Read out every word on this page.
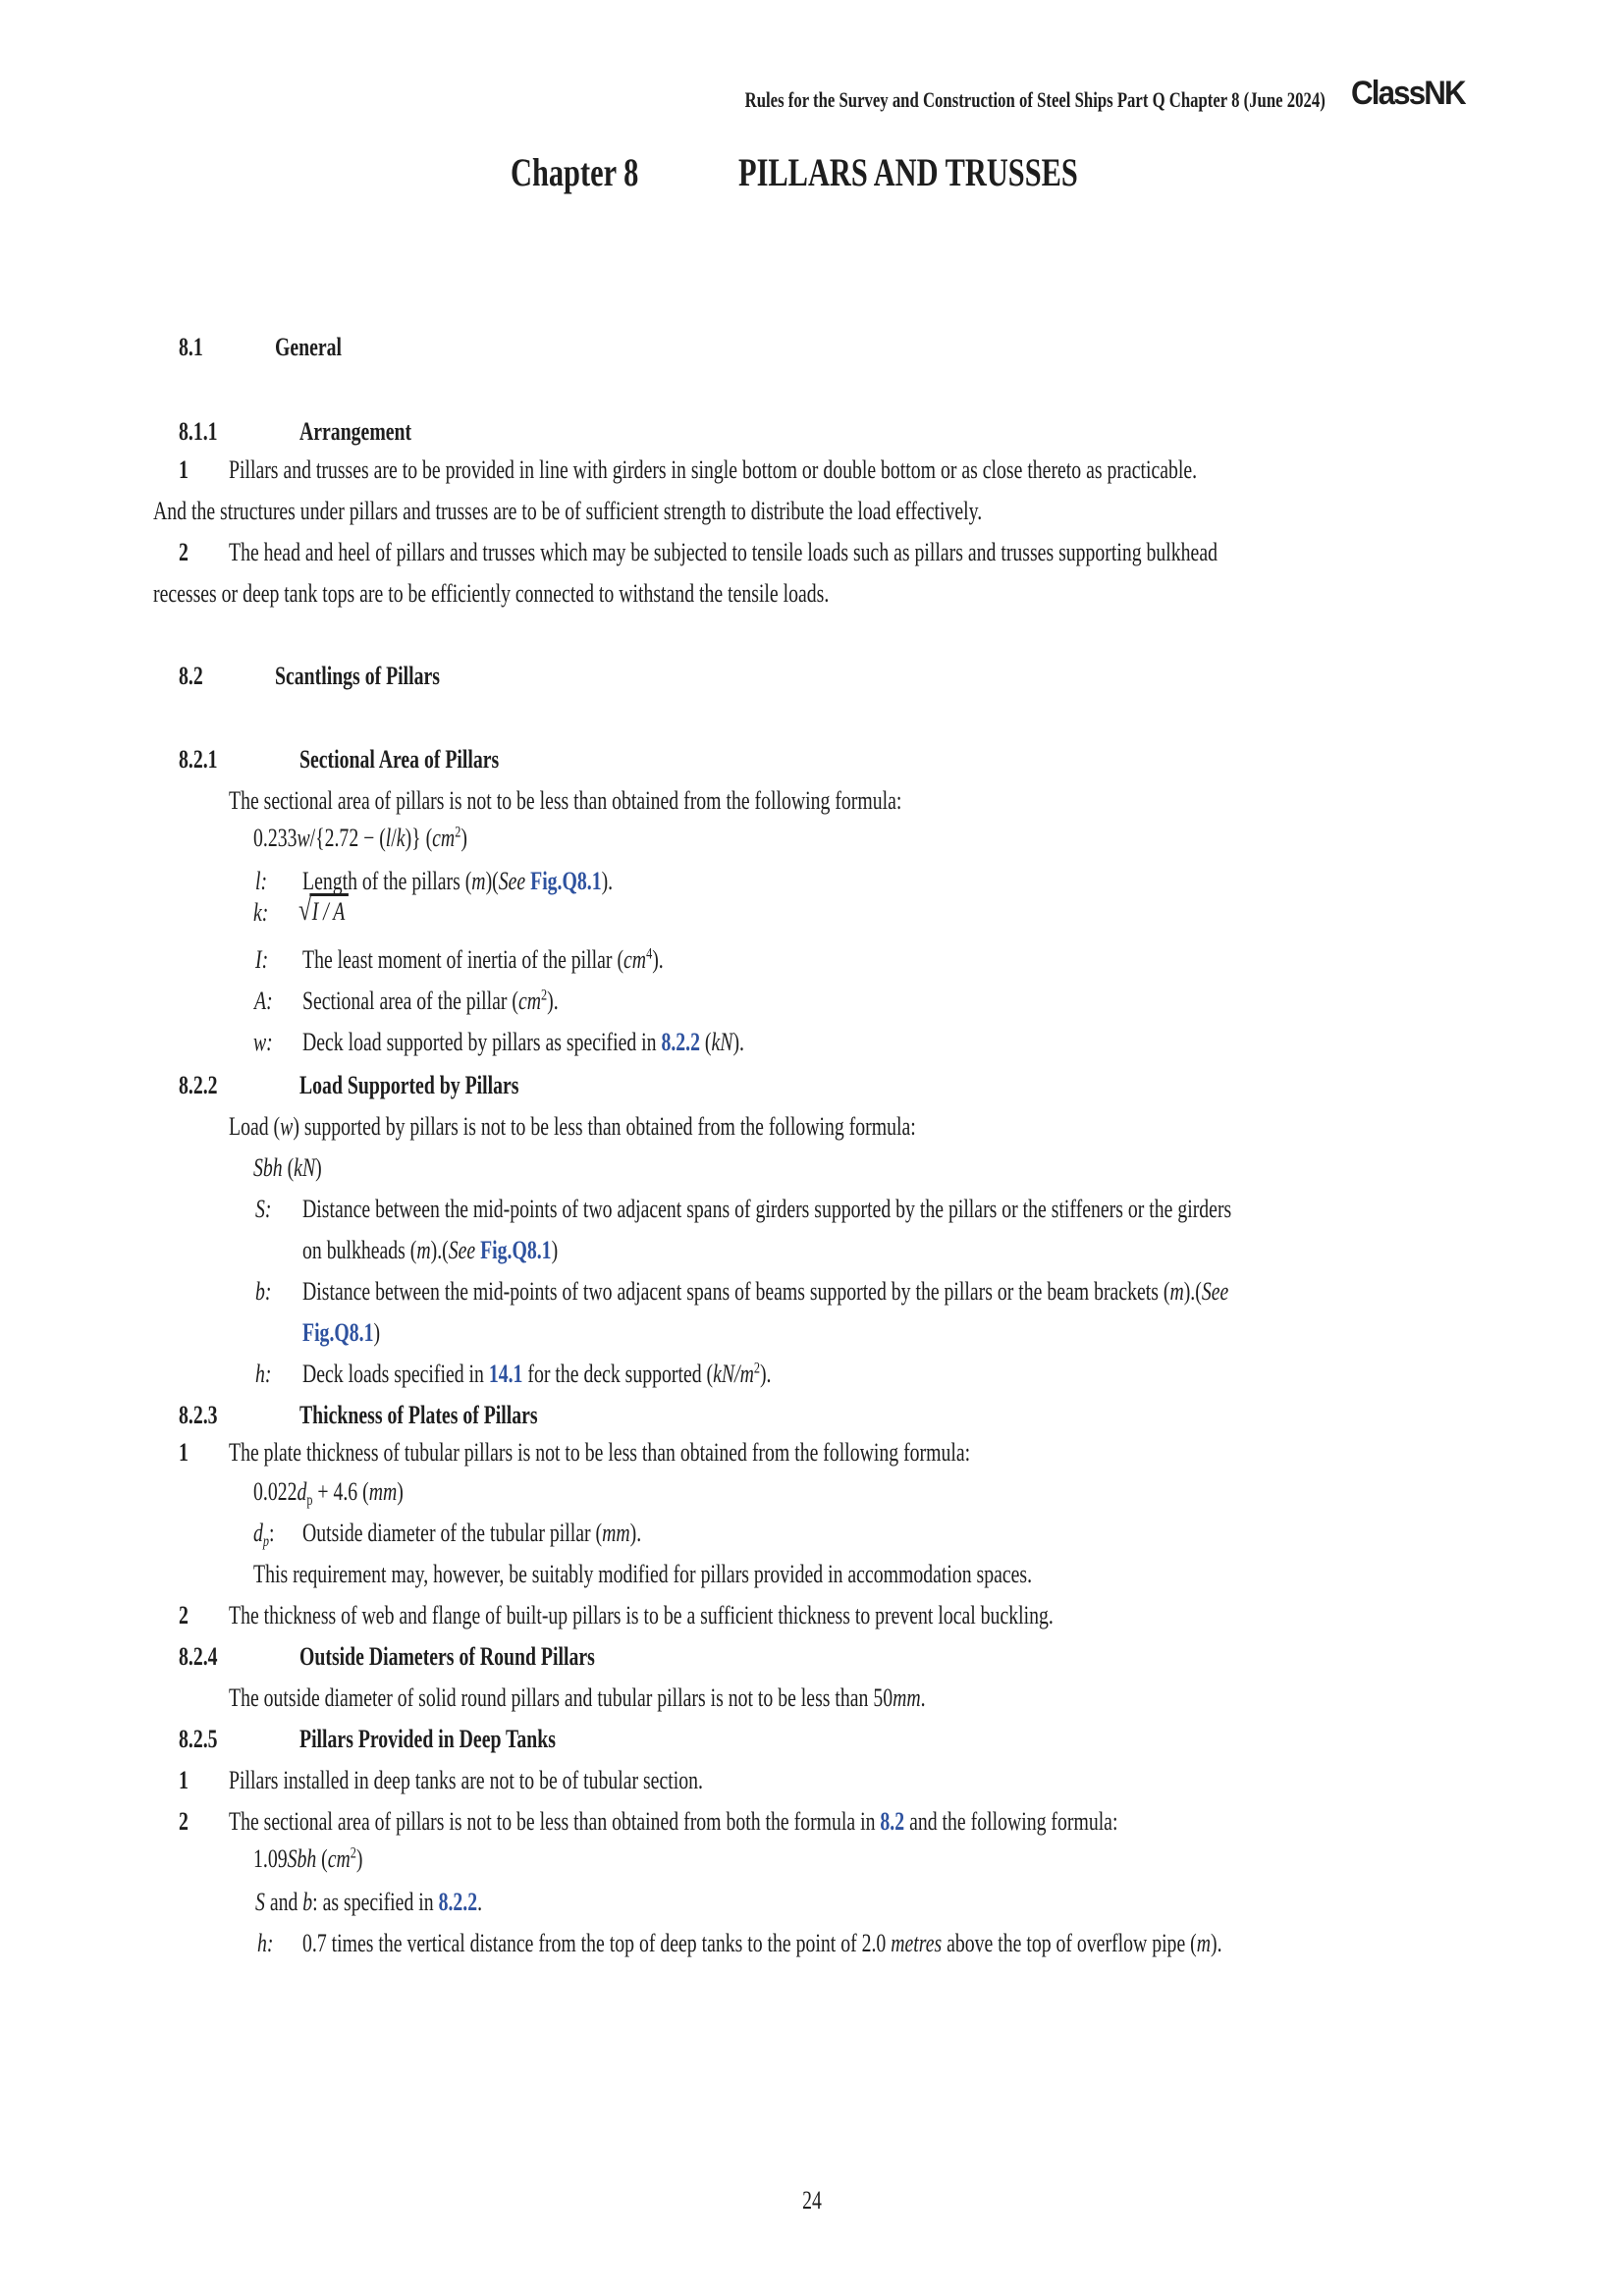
Rules for the Survey and Construction of Steel Ships Part Q Chapter 8 (June 2024) ClassNK
Chapter 8	PILLARS AND TRUSSES
8.1	General
8.1.1	Arrangement
1 Pillars and trusses are to be provided in line with girders in single bottom or double bottom or as close thereto as practicable.
And the structures under pillars and trusses are to be of sufficient strength to distribute the load effectively.
2 The head and heel of pillars and trusses which may be subjected to tensile loads such as pillars and trusses supporting bulkhead
recesses or deep tank tops are to be efficiently connected to withstand the tensile loads.
8.2	Scantlings of Pillars
8.2.1	Sectional Area of Pillars
The sectional area of pillars is not to be less than obtained from the following formula:
0.233w/{2.72 − (l/k)} $(cm^2)$
l: Length of the pillars (m)(See Fig.Q8.1).
k: √I / A
I: The least moment of inertia of the pillar $(cm^4)$.
A: Sectional area of the pillar $(cm^2)$.
w: Deck load supported by pillars as specified in 8.2.2 (kN).
8.2.2	Load Supported by Pillars
Load (w) supported by pillars is not to be less than obtained from the following formula:
Sbh (kN)
S: Distance between the mid-points of two adjacent spans of girders supported by the pillars or the stiffeners or the girders
on bulkheads (m).(See Fig.Q8.1)
b: Distance between the mid-points of two adjacent spans of beams supported by the pillars or the beam brackets (m).(See
Fig.Q8.1)
h: Deck loads specified in 14.1 for the deck supported $(kN/m^2)$.
8.2.3	Thickness of Plates of Pillars
1 The plate thickness of tubular pillars is not to be less than obtained from the following formula:
$0.022d_p + 4.6$ (mm)
$d_p$: Outside diameter of the tubular pillar (mm).
This requirement may, however, be suitably modified for pillars provided in accommodation spaces.
2 The thickness of web and flange of built-up pillars is to be a sufficient thickness to prevent local buckling.
8.2.4	Outside Diameters of Round Pillars
The outside diameter of solid round pillars and tubular pillars is not to be less than 50mm.
8.2.5	Pillars Provided in Deep Tanks
1 Pillars installed in deep tanks are not to be of tubular section.
2 The sectional area of pillars is not to be less than obtained from both the formula in 8.2 and the following formula:
1.09Sbh $(cm^2)$
S and b: as specified in 8.2.2.
h: 0.7 times the vertical distance from the top of deep tanks to the point of 2.0 metres above the top of overflow pipe (m).
24
